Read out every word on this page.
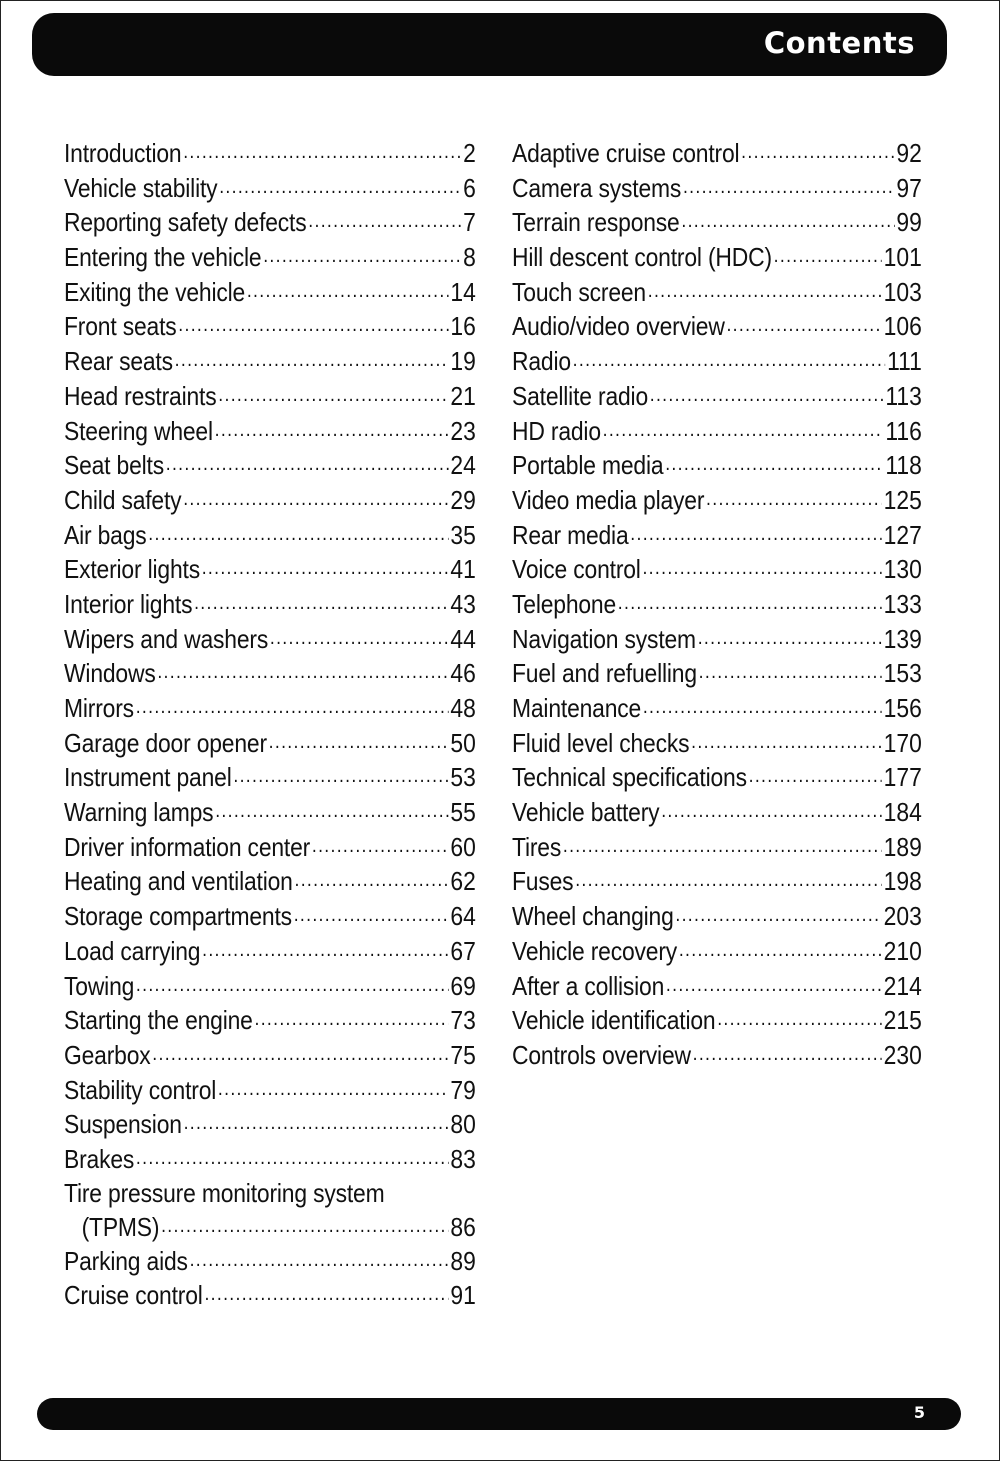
Contents
Introduction .....	2
Vehicle stability .....	6
Reporting safety defects .....	7
Entering the vehicle .....	8
Exiting the vehicle .....	14
Front seats .....	16
Rear seats .....	19
Head restraints .....	21
Steering wheel .....	23
Seat belts .....	24
Child safety .....	29
Air bags .....	35
Exterior lights .....	41
Interior lights .....	43
Wipers and washers .....	44
Windows .....	46
Mirrors .....	48
Garage door opener .....	50
Instrument panel .....	53
Warning lamps .....	55
Driver information center .....	60
Heating and ventilation .....	62
Storage compartments .....	64
Load carrying .....	67
Towing .....	69
Starting the engine .....	73
Gearbox .....	75
Stability control .....	79
Suspension .....	80
Brakes .....	83
Tire pressure monitoring system
(TPMS) .....	86
Parking aids .....	89
Cruise control .....	91
Adaptive cruise control .....	92
Camera systems .....	97
Terrain response .....	99
Hill descent control (HDC) .....	101
Touch screen .....	103
Audio/video overview .....	106
Radio .....	111
Satellite radio .....	113
HD radio .....	116
Portable media .....	118
Video media player .....	125
Rear media .....	127
Voice control .....	130
Telephone .....	133
Navigation system .....	139
Fuel and refuelling .....	153
Maintenance .....	156
Fluid level checks .....	170
Technical specifications .....	177
Vehicle battery .....	184
Tires .....	189
Fuses .....	198
Wheel changing .....	203
Vehicle recovery .....	210
After a collision .....	214
Vehicle identification .....	215
Controls overview .....	230
5
